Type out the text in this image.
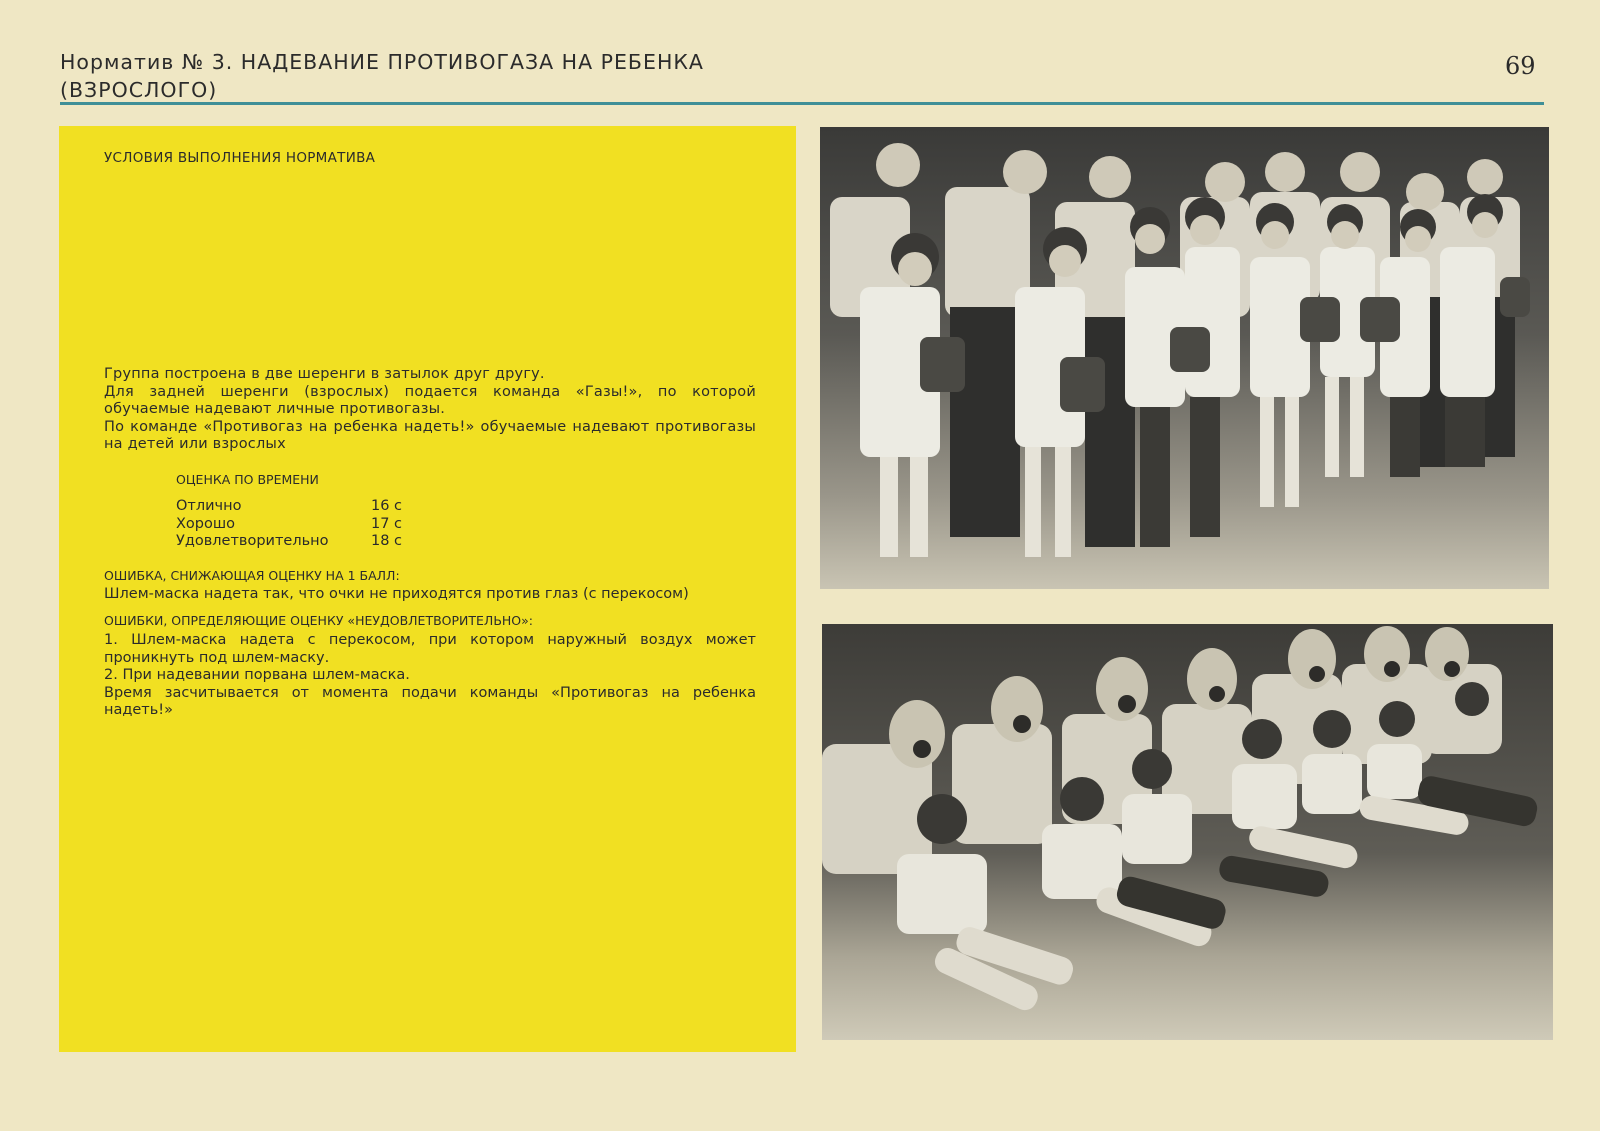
Норматив № 3. НАДЕВАНИЕ ПРОТИВОГАЗА НА РЕБЕНКА (ВЗРОСЛОГО)
69
УСЛОВИЯ ВЫПОЛНЕНИЯ НОРМАТИВА

Группа построена в две шеренги в затылок друг другу.

Для задней шеренги (взрослых) подается команда «Газы!», по которой обучаемые надевают личные противогазы.

По команде «Противогаз на ребенка надеть!» обучаемые надевают противогазы на детей или взрослых

ОЦЕНКА ПО ВРЕМЕНИ
Отлично	16 с
Хорошо	17 с
Удовлетворительно	18 с
ОШИБКА, СНИЖАЮЩАЯ ОЦЕНКУ НА 1 БАЛЛ:
Шлем-маска надета так, что очки не приходятся против глаз (с перекосом)
ОШИБКИ, ОПРЕДЕЛЯЮЩИЕ ОЦЕНКУ «НЕУДОВЛЕТВОРИТЕЛЬНО»:

1. Шлем-маска надета с перекосом, при котором наружный воздух может проникнуть под шлем-маску.

2. При надевании порвана шлем-маска.

Время засчитывается от момента подачи команды «Противогаз на ребенка надеть!»
